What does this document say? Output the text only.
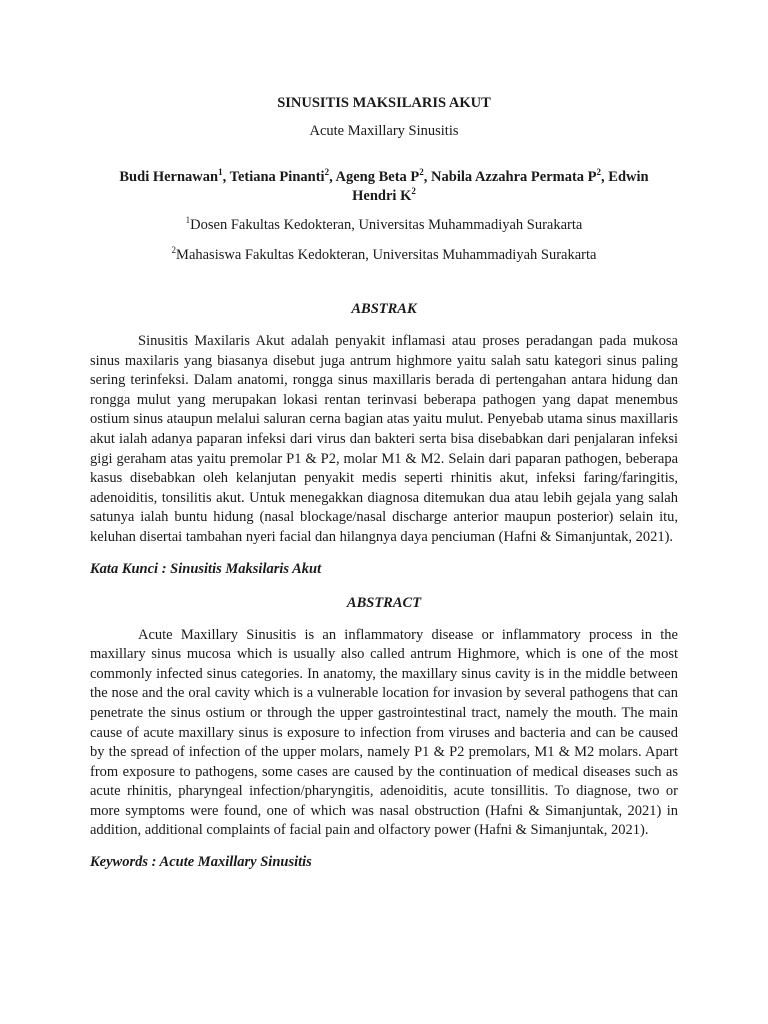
SINUSITIS MAKSILARIS AKUT
Acute Maxillary Sinusitis
Budi Hernawan$^1$, Tetiana Pinanti$^2$, Ageng Beta $P^2$, Nabila Azzahra Permata $P^2$, Edwin Hendri $K^2$
$^1$Dosen Fakultas Kedokteran, Universitas Muhammadiyah Surakarta
$^2$Mahasiswa Fakultas Kedokteran, Universitas Muhammadiyah Surakarta
ABSTRAK

Sinusitis Maxilaris Akut adalah penyakit inflamasi atau proses peradangan pada mukosa sinus maxilaris yang biasanya disebut juga antrum highmore yaitu salah satu kategori sinus paling sering terinfeksi. Dalam anatomi, rongga sinus maxillaris berada di pertengahan antara hidung dan rongga mulut yang merupakan lokasi rentan terinvasi beberapa pathogen yang dapat menembus ostium sinus ataupun melalui saluran cerna bagian atas yaitu mulut. Penyebab utama sinus maxillaris akut ialah adanya paparan infeksi dari virus dan bakteri serta bisa disebabkan dari penjalaran infeksi gigi geraham atas yaitu premolar P1 & P2, molar M1 & M2. Selain dari paparan pathogen, beberapa kasus disebabkan oleh kelanjutan penyakit medis seperti rhinitis akut, infeksi faring/faringitis, adenoiditis, tonsilitis akut. Untuk menegakkan diagnosa ditemukan dua atau lebih gejala yang salah satunya ialah buntu hidung (nasal blockage/nasal discharge anterior maupun posterior) selain itu, keluhan disertai tambahan nyeri facial dan hilangnya daya penciuman (Hafni & Simanjuntak, 2021).

Kata Kunci : Sinusitis Maksilaris Akut
ABSTRACT

Acute Maxillary Sinusitis is an inflammatory disease or inflammatory process in the maxillary sinus mucosa which is usually also called antrum Highmore, which is one of the most commonly infected sinus categories. In anatomy, the maxillary sinus cavity is in the middle between the nose and the oral cavity which is a vulnerable location for invasion by several pathogens that can penetrate the sinus ostium or through the upper gastrointestinal tract, namely the mouth. The main cause of acute maxillary sinus is exposure to infection from viruses and bacteria and can be caused by the spread of infection of the upper molars, namely P1 & P2 premolars, M1 & M2 molars. Apart from exposure to pathogens, some cases are caused by the continuation of medical diseases such as acute rhinitis, pharyngeal infection/pharyngitis, adenoiditis, acute tonsillitis. To diagnose, two or more symptoms were found, one of which was nasal obstruction (Hafni & Simanjuntak, 2021) in addition, additional complaints of facial pain and olfactory power (Hafni & Simanjuntak, 2021).

Keywords : Acute Maxillary Sinusitis
